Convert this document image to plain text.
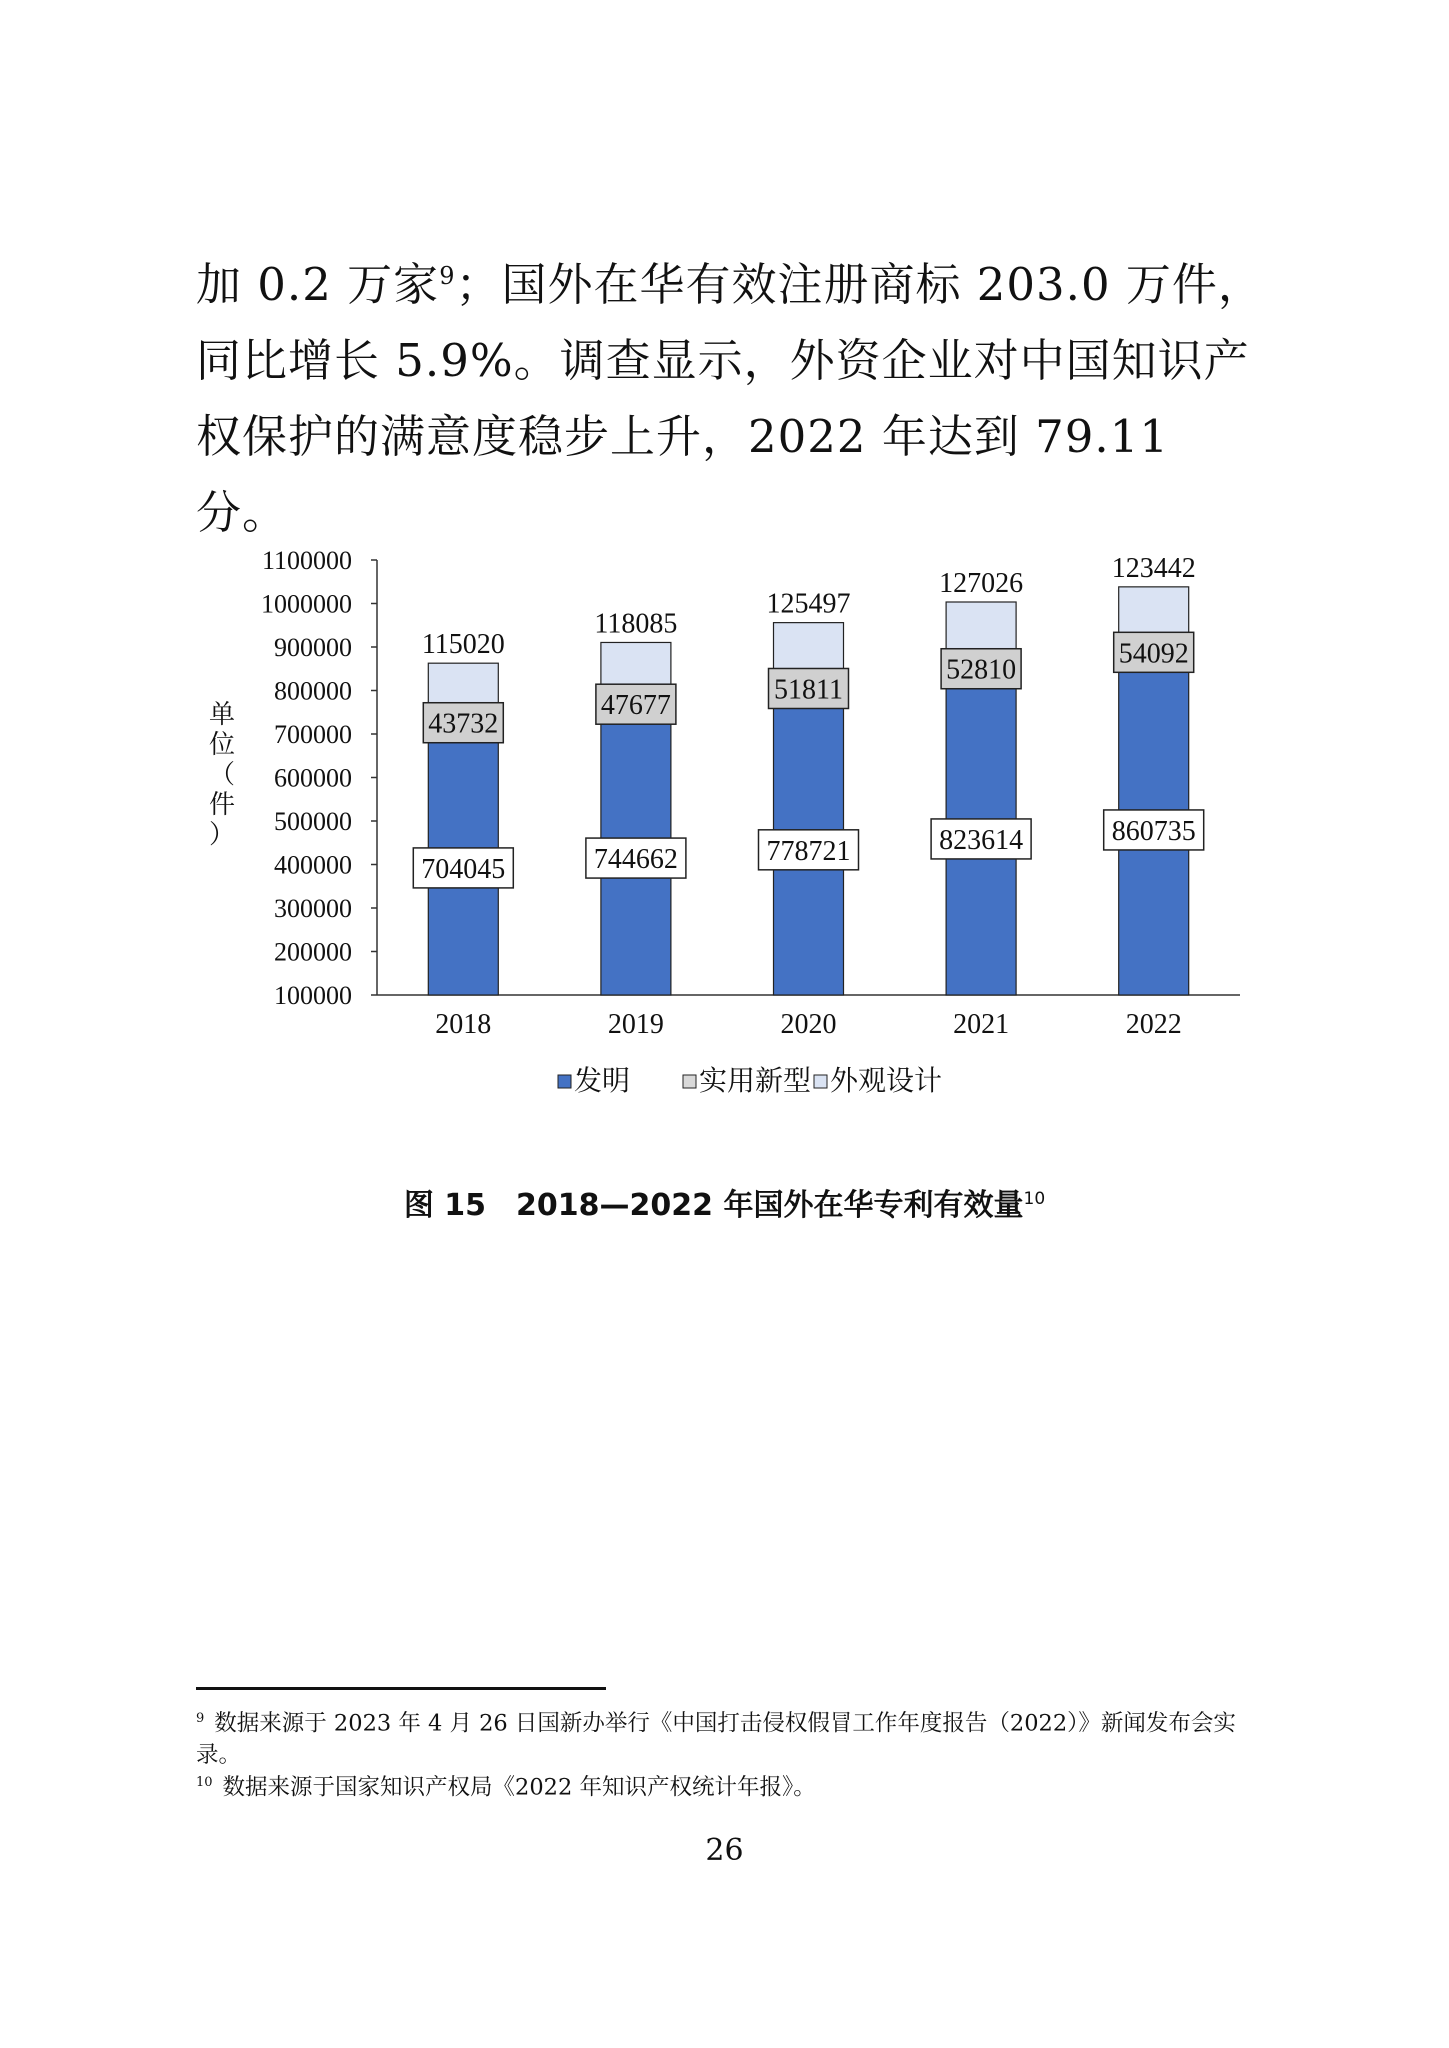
加 0.2 万家$^9$；国外在华有效注册商标 203.0 万件，同比增长 5.9%。调查显示，外资企业对中国知识产权保护的满意度稳步上升，2022 年达到 79.11 分。

100000
200000
300000
400000
500000
600000
700000
800000
900000
1000000
1100000
单位（件）
704045
43732
115020
2018
744662
47677
118085
2019
778721
51811
125497
2020
823614
52810
127026
2021
860735
54092
123442
2022
发明 实用新型 外观设计
图 15　2018—2022 年国外在华专利有效量$^{10}$

$^9$ 数据来源于 2023 年 4 月 26 日国新办举行《中国打击侵权假冒工作年度报告（2022）》新闻发布会实录。

$^{10}$ 数据来源于国家知识产权局《2022 年知识产权统计年报》。

26
